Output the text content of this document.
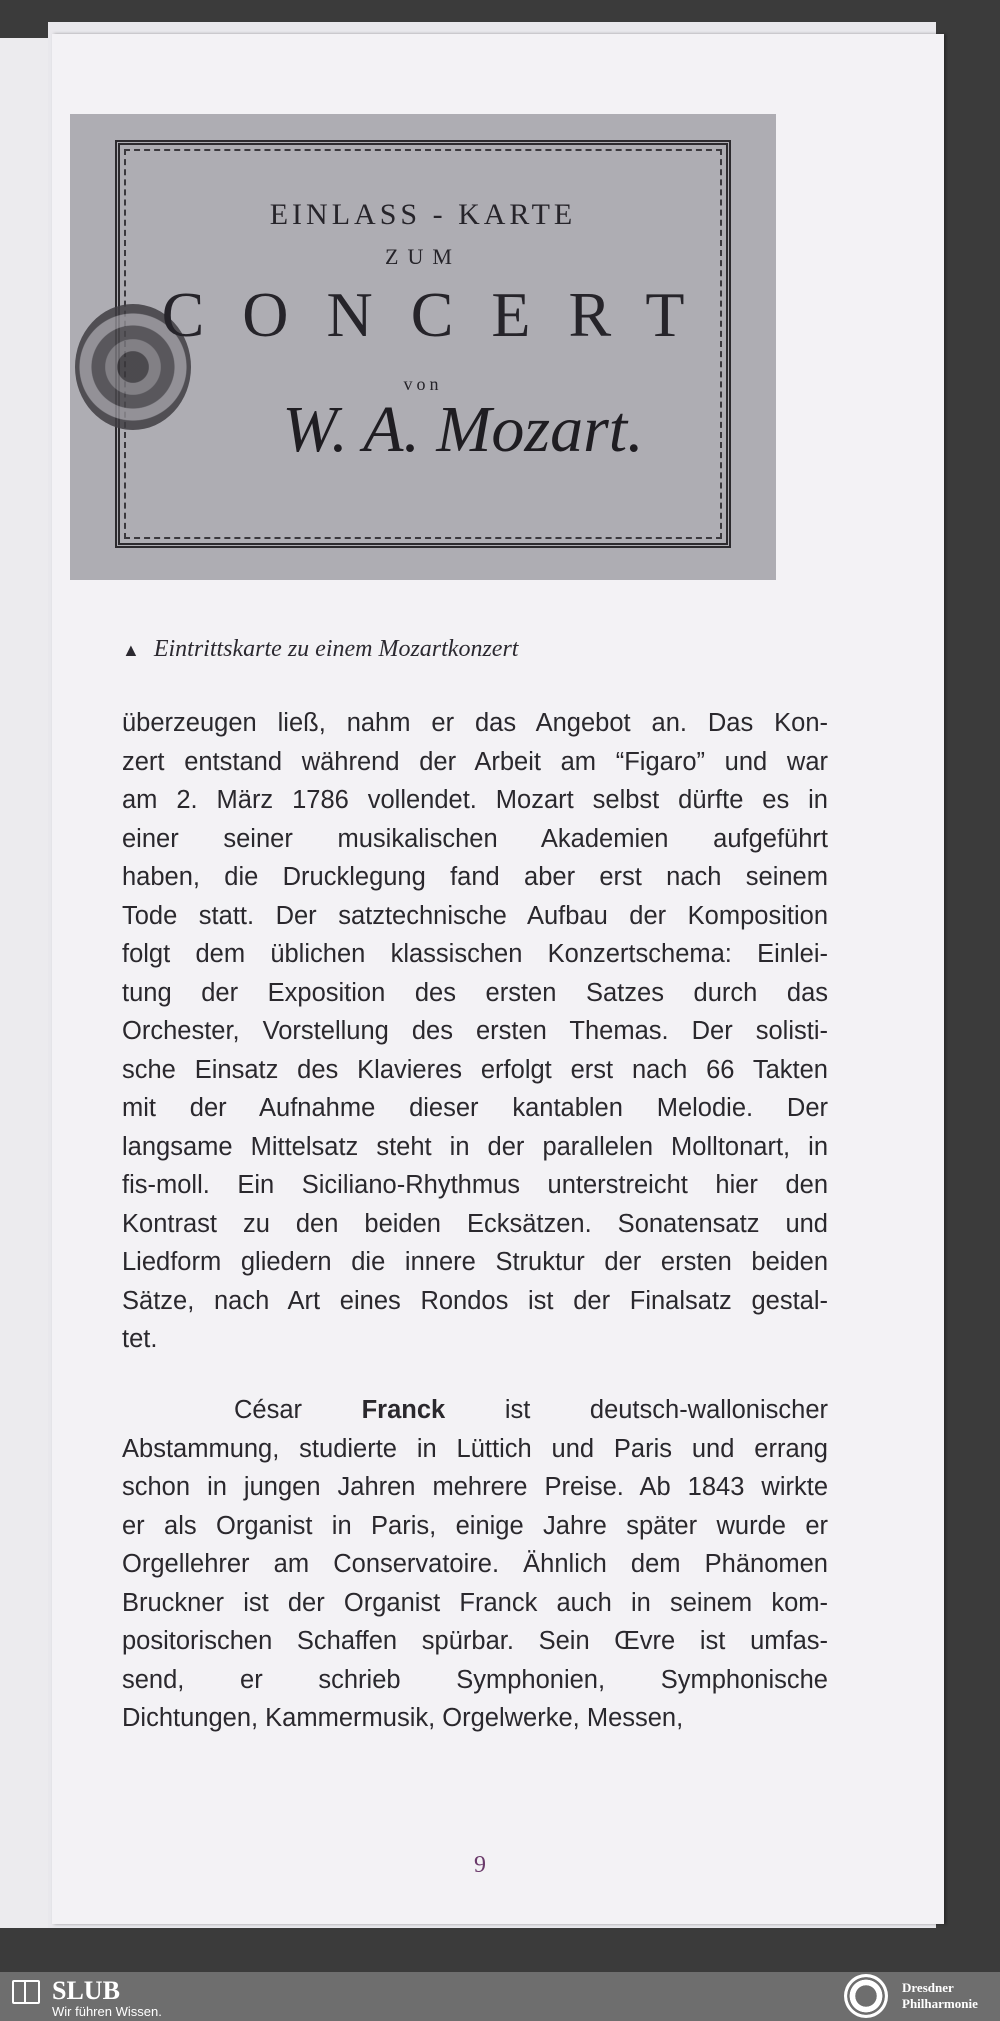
EINLASS - KARTE
ZUM
CONCERT
von
W. A. Mozart.
▲ Eintrittskarte zu einem Mozartkonzert
überzeugen ließ, nahm er das Angebot an. Das Kon-
zert entstand während der Arbeit am “Figaro” und war
am 2. März 1786 vollendet. Mozart selbst dürfte es in
einer seiner musikalischen Akademien aufgeführt
haben, die Drucklegung fand aber erst nach seinem
Tode statt. Der satztechnische Aufbau der Komposition
folgt dem üblichen klassischen Konzertschema: Einlei-
tung der Exposition des ersten Satzes durch das
Orchester, Vorstellung des ersten Themas. Der solisti-
sche Einsatz des Klavieres erfolgt erst nach 66 Takten
mit der Aufnahme dieser kantablen Melodie. Der
langsame Mittelsatz steht in der parallelen Molltonart, in
fis-moll. Ein Siciliano-Rhythmus unterstreicht hier den
Kontrast zu den beiden Ecksätzen. Sonatensatz und
Liedform gliedern die innere Struktur der ersten beiden
Sätze, nach Art eines Rondos ist der Finalsatz gestal-
tet.
César Franck ist deutsch-wallonischer
Abstammung, studierte in Lüttich und Paris und errang
schon in jungen Jahren mehrere Preise. Ab 1843 wirkte
er als Organist in Paris, einige Jahre später wurde er
Orgellehrer am Conservatoire. Ähnlich dem Phänomen
Bruckner ist der Organist Franck auch in seinem kom-
positorischen Schaffen spürbar. Sein Œvre ist umfas-
send, er schrieb Symphonien, Symphonische
Dichtungen, Kammermusik, Orgelwerke, Messen,
9
SLUB
Wir führen Wissen.
Dresdner
Philharmonie
